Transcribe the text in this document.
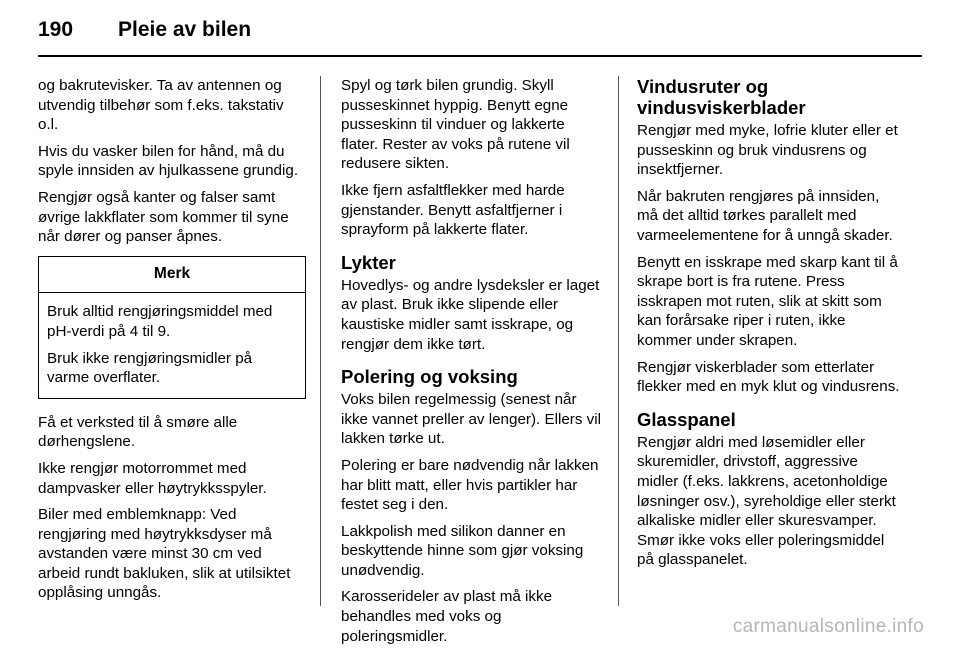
190 Pleie av bilen

og bakrutevisker. Ta av antennen og utvendig tilbehør som f.eks. takstativ o.l.

Hvis du vasker bilen for hånd, må du spyle innsiden av hjulkassene grundig.

Rengjør også kanter og falser samt øvrige lakkflater som kommer til syne når dører og panser åpnes.

Merk

Bruk alltid rengjøringsmiddel med pH-verdi på 4 til 9.

Bruk ikke rengjøringsmidler på varme overflater.

Få et verksted til å smøre alle dørhengslene.

Ikke rengjør motorrommet med dampvasker eller høytrykksspyler.

Biler med emblemknapp: Ved rengjøring med høytrykksdyser må avstanden være minst 30 cm ved arbeid rundt bakluken, slik at utilsiktet opplåsing unngås.

Spyl og tørk bilen grundig. Skyll pusseskinnet hyppig. Benytt egne pusseskinn til vinduer og lakkerte flater. Rester av voks på rutene vil redusere sikten.

Ikke fjern asfaltflekker med harde gjenstander. Benytt asfaltfjerner i sprayform på lakkerte flater.

Lykter

Hovedlys- og andre lysdeksler er laget av plast. Bruk ikke slipende eller kaustiske midler samt isskrape, og rengjør dem ikke tørt.

Polering og voksing

Voks bilen regelmessig (senest når ikke vannet preller av lenger). Ellers vil lakken tørke ut.

Polering er bare nødvendig når lakken har blitt matt, eller hvis partikler har festet seg i den.

Lakkpolish med silikon danner en beskyttende hinne som gjør voksing unødvendig.

Karosserideler av plast må ikke behandles med voks og poleringsmidler.

Vindusruter og vindusviskerblader

Rengjør med myke, lofrie kluter eller et pusseskinn og bruk vindusrens og insektfjerner.

Når bakruten rengjøres på innsiden, må det alltid tørkes parallelt med varmeelementene for å unngå skader.

Benytt en isskrape med skarp kant til å skrape bort is fra rutene. Press isskrapen mot ruten, slik at skitt som kan forårsake riper i ruten, ikke kommer under skrapen.

Rengjør viskerblader som etterlater flekker med en myk klut og vindusrens.

Glasspanel

Rengjør aldri med løsemidler eller skuremidler, drivstoff, aggressive midler (f.eks. lakkrens, acetonholdige løsninger osv.), syreholdige eller sterkt alkaliske midler eller skuresvamper. Smør ikke voks eller poleringsmiddel på glasspanelet.

carmanualsonline.info
